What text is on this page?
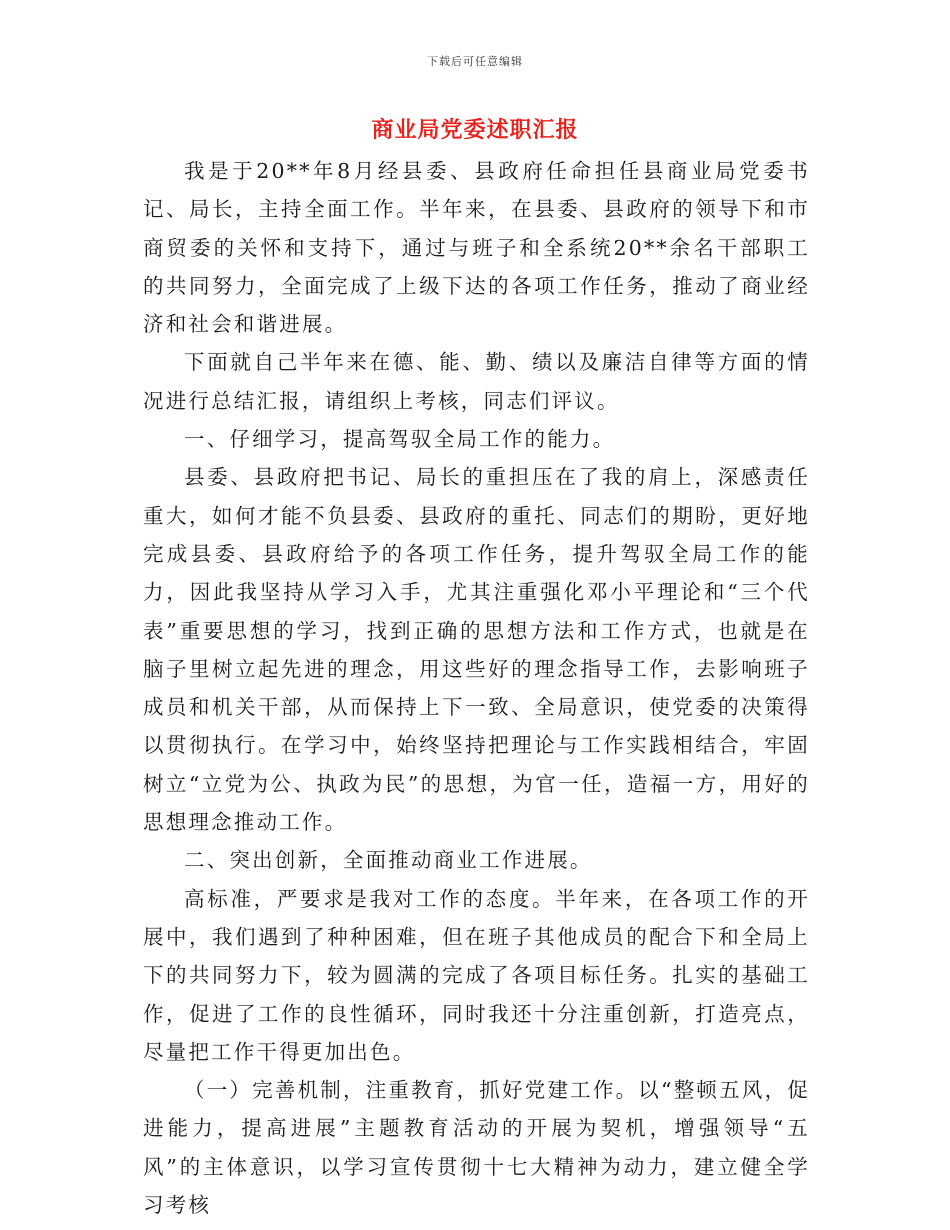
下载后可任意编辑
商业局党委述职汇报

我是于20**年8月经县委、县政府任命担任县商业局党委书记、局长，主持全面工作。半年来，在县委、县政府的领导下和市商贸委的关怀和支持下，通过与班子和全系统20**余名干部职工的共同努力，全面完成了上级下达的各项工作任务，推动了商业经济和社会和谐进展。

下面就自己半年来在德、能、勤、绩以及廉洁自律等方面的情况进行总结汇报，请组织上考核，同志们评议。

一、仔细学习，提高驾驭全局工作的能力。

县委、县政府把书记、局长的重担压在了我的肩上，深感责任重大，如何才能不负县委、县政府的重托、同志们的期盼，更好地完成县委、县政府给予的各项工作任务，提升驾驭全局工作的能力，因此我坚持从学习入手，尤其注重强化邓小平理论和“三个代表”重要思想的学习，找到正确的思想方法和工作方式，也就是在脑子里树立起先进的理念，用这些好的理念指导工作，去影响班子成员和机关干部，从而保持上下一致、全局意识，使党委的决策得以贯彻执行。在学习中，始终坚持把理论与工作实践相结合，牢固树立“立党为公、执政为民”的思想，为官一任，造福一方，用好的思想理念推动工作。

二、突出创新，全面推动商业工作进展。

高标准，严要求是我对工作的态度。半年来，在各项工作的开展中，我们遇到了种种困难，但在班子其他成员的配合下和全局上下的共同努力下，较为圆满的完成了各项目标任务。扎实的基础工作，促进了工作的良性循环，同时我还十分注重创新，打造亮点，尽量把工作干得更加出色。

（一）完善机制，注重教育，抓好党建工作。以“整顿五风，促进能力，提高进展”主题教育活动的开展为契机，增强领导“五风”的主体意识，以学习宣传贯彻十七大精神为动力，建立健全学习考核
